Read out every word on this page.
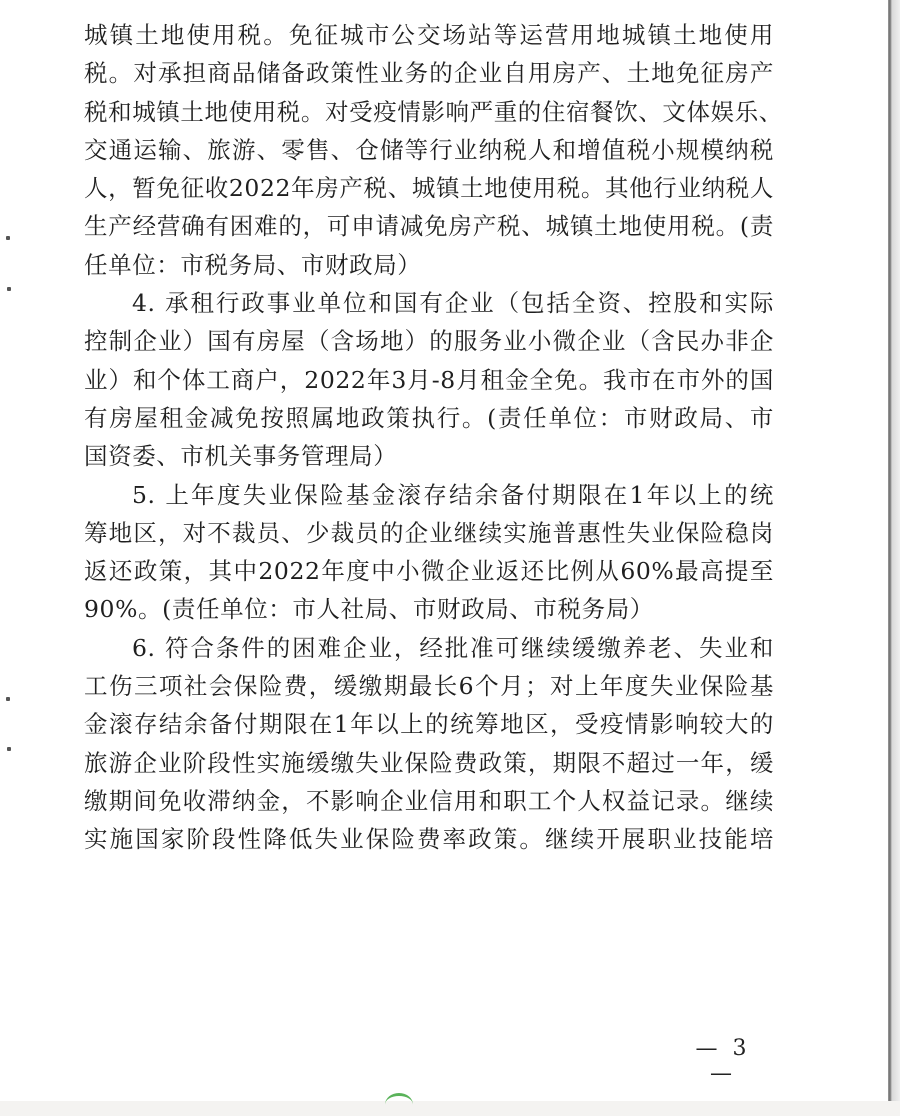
城镇土地使用税。免征城市公交场站等运营用地城镇土地使用
税。对承担商品储备政策性业务的企业自用房产、土地免征房产
税和城镇土地使用税。对受疫情影响严重的住宿餐饮、文体娱乐、
交通运输、旅游、零售、仓储等行业纳税人和增值税小规模纳税
人，暂免征收2022年房产税、城镇土地使用税。其他行业纳税人
生产经营确有困难的，可申请减免房产税、城镇土地使用税。(责
任单位：市税务局、市财政局）
4. 承租行政事业单位和国有企业（包括全资、控股和实际
控制企业）国有房屋（含场地）的服务业小微企业（含民办非企
业）和个体工商户，2022年3月-8月租金全免。我市在市外的国
有房屋租金减免按照属地政策执行。(责任单位：市财政局、市
国资委、市机关事务管理局）
5. 上年度失业保险基金滚存结余备付期限在1年以上的统
筹地区，对不裁员、少裁员的企业继续实施普惠性失业保险稳岗
返还政策，其中2022年度中小微企业返还比例从60%最高提至
90%。(责任单位：市人社局、市财政局、市税务局）
6. 符合条件的困难企业，经批准可继续缓缴养老、失业和
工伤三项社会保险费，缓缴期最长6个月；对上年度失业保险基
金滚存结余备付期限在1年以上的统筹地区，受疫情影响较大的
旅游企业阶段性实施缓缴失业保险费政策，期限不超过一年，缓
缴期间免收滞纳金，不影响企业信用和职工个人权益记录。继续
实施国家阶段性降低失业保险费率政策。继续开展职业技能培
— 3 —
